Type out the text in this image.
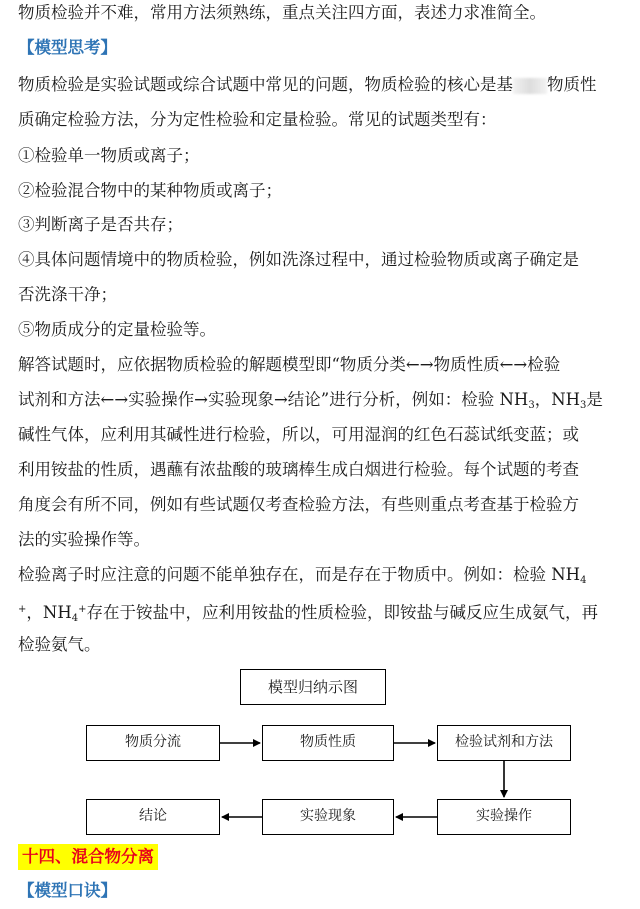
物质检验并不难，常用方法须熟练，重点关注四方面，表述力求准简全。
【模型思考】
物质检验是实验试题或综合试题中常见的问题，物质检验的核心是基 物质性
质确定检验方法，分为定性检验和定量检验。常见的试题类型有：
①检验单一物质或离子；
②检验混合物中的某种物质或离子；
③判断离子是否共存；
④具体问题情境中的物质检验，例如洗涤过程中，通过检验物质或离子确定是
否洗涤干净；
⑤物质成分的定量检验等。
解答试题时，应依据物质检验的解题模型即“物质分类←→物质性质←→检验
试剂和方法←→实验操作→实验现象→结论”进行分析，例如：检验 $NH_3$，$NH_3$是
碱性气体，应利用其碱性进行检验，所以，可用湿润的红色石蕊试纸变蓝；或
利用铵盐的性质，遇蘸有浓盐酸的玻璃棒生成白烟进行检验。每个试题的考查
角度会有所不同，例如有些试题仅考查检验方法，有些则重点考查基于检验方
法的实验操作等。
检验离子时应注意的问题不能单独存在，而是存在于物质中。例如：检验 $NH_4$
+，$NH_4^+$存在于铵盐中，应利用铵盐的性质检验，即铵盐与碱反应生成氨气，再
检验氨气。
模型归纳示图
物质分流	物质性质	检验试剂和方法
结论	实验现象	实验操作
十四、混合物分离
【模型口诀】
